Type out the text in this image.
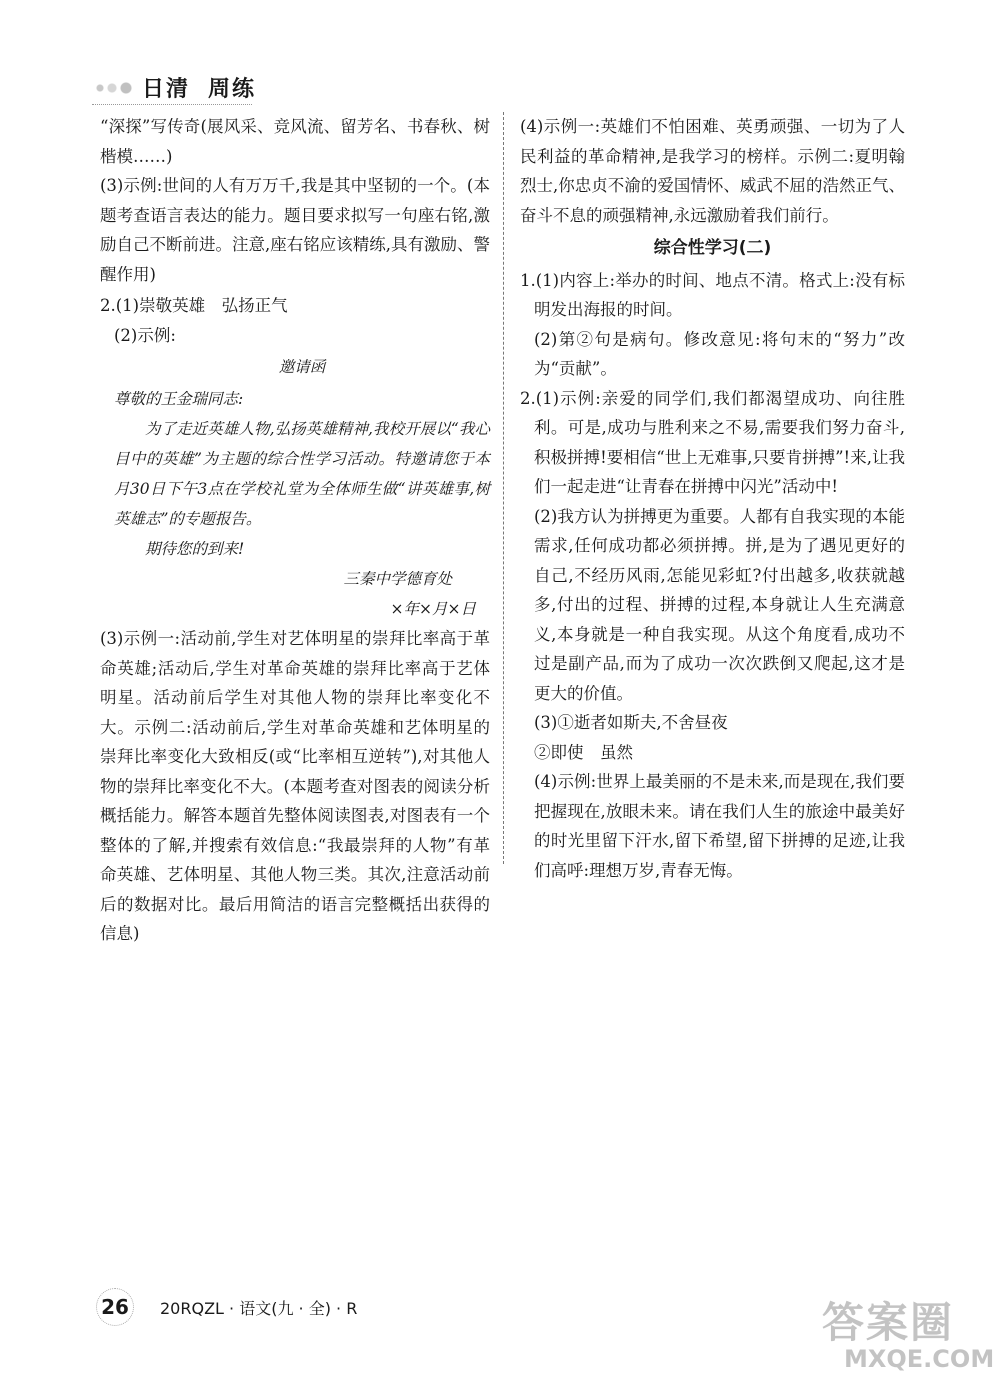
日清 周练

“深探”写传奇(展风采、竞风流、留芳名、书春秋、树楷模……)

(3)示例:世间的人有万万千,我是其中坚韧的一个。(本题考查语言表达的能力。题目要求拟写一句座右铭,激励自己不断前进。注意,座右铭应该精练,具有激励、警醒作用)

2.(1)崇敬英雄　弘扬正气

(2)示例:

邀请函

尊敬的王金瑞同志:

为了走近英雄人物,弘扬英雄精神,我校开展以“我心目中的英雄”为主题的综合性学习活动。特邀请您于本月30日下午3点在学校礼堂为全体师生做“讲英雄事,树英雄志”的专题报告。

期待您的到来!

三秦中学德育处

×年×月×日

(3)示例一:活动前,学生对艺体明星的崇拜比率高于革命英雄;活动后,学生对革命英雄的崇拜比率高于艺体明星。活动前后学生对其他人物的崇拜比率变化不大。示例二:活动前后,学生对革命英雄和艺体明星的崇拜比率变化大致相反(或“比率相互逆转”),对其他人物的崇拜比率变化不大。(本题考查对图表的阅读分析概括能力。解答本题首先整体阅读图表,对图表有一个整体的了解,并搜索有效信息:“我最崇拜的人物”有革命英雄、艺体明星、其他人物三类。其次,注意活动前后的数据对比。最后用简洁的语言完整概括出获得的信息)

(4)示例一:英雄们不怕困难、英勇顽强、一切为了人民利益的革命精神,是我学习的榜样。示例二:夏明翰烈士,你忠贞不渝的爱国情怀、威武不屈的浩然正气、奋斗不息的顽强精神,永远激励着我们前行。

综合性学习(二)

1.(1)内容上:举办的时间、地点不清。格式上:没有标明发出海报的时间。

(2)第②句是病句。修改意见:将句末的“努力”改为“贡献”。

2.(1)示例:亲爱的同学们,我们都渴望成功、向往胜利。可是,成功与胜利来之不易,需要我们努力奋斗,积极拼搏!要相信“世上无难事,只要肯拼搏”!来,让我们一起走进“让青春在拼搏中闪光”活动中!

(2)我方认为拼搏更为重要。人都有自我实现的本能需求,任何成功都必须拼搏。拼,是为了遇见更好的自己,不经历风雨,怎能见彩虹?付出越多,收获就越多,付出的过程、拼搏的过程,本身就让人生充满意义,本身就是一种自我实现。从这个角度看,成功不过是副产品,而为了成功一次次跌倒又爬起,这才是更大的价值。

(3)①逝者如斯夫,不舍昼夜

②即使　虽然

(4)示例:世界上最美丽的不是未来,而是现在,我们要把握现在,放眼未来。请在我们人生的旅途中最美好的时光里留下汗水,留下希望,留下拼搏的足迹,让我们高呼:理想万岁,青春无悔。

26	20RQZL · 语文(九 · 全) · R	答案圈
MXQE.COM
